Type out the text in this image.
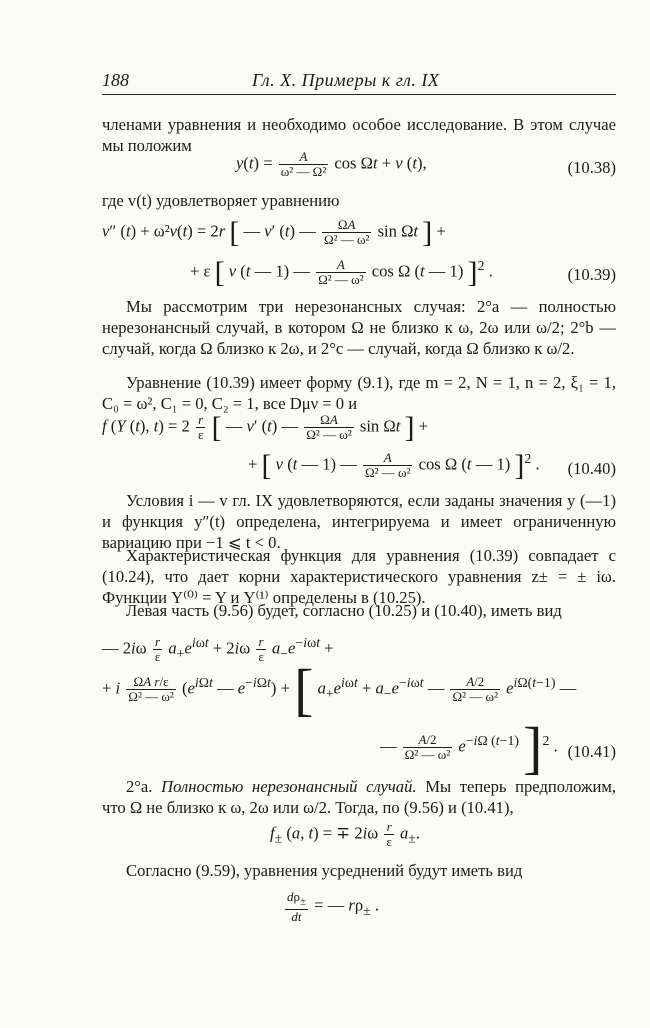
188	Гл. X. Примеры к гл. IX

членами уравнения и необходимо особое исследование. В этом случае мы положим

$y(t) = \frac{A}{\text{ω² — Ω²}}$ cos Ωt + v (t),	(10.38)

где v(t) удовлетворяет уравнению

v″ (t) + ω²v(t) = 2r [ — v′ (t) — $\frac{\Omega A}{\text{Ω² — ω²}}$ sin Ωt ] +
+ ε [ v (t — 1) — $\frac{A}{\text{Ω² — ω²}}$ cos Ω (t — 1) ]$^2$ .	(10.39)

Мы рассмотрим три нерезонансных случая: 2°a — полностью нерезонансный случай, в котором Ω не близко к ω, 2ω или ω/2; 2°b — случай, когда Ω близко к 2ω, и 2°c — случай, когда Ω близко к ω/2.

Уравнение (10.39) имеет форму (9.1), где m = 2, N = 1, n = 2, ξ₁ = 1, C₀ = ω², C₁ = 0, C₂ = 1, все Dμν = 0 и

f (Y (t), $t) = 2 \frac{r}{\varepsilon}$ [ — v′ (t) — $\frac{\Omega A}{\text{Ω² — ω²}}$ sin Ωt ] +
+ [ v (t — 1) — $\frac{A}{\text{Ω² — ω²}}$ cos Ω (t — 1) ]$^2$ . (10.40)

Условия i — v гл. IX удовлетворяются, если заданы значения y (—1) и функция y″(t) определена, интегрируема и имеет ограниченную вариацию при −1 ⩽ t < 0.

Характеристическая функция для уравнения (10.39) совпадает с (10.24), что дает корни характеристического уравнения z± = ± iω. Функции Y⁽⁰⁾ = Y и Y⁽¹⁾ определены в (10.25).

Левая часть (9.56) будет, согласно (10.25) и (10.40), иметь вид

— $2i\omega \frac{r}{\varepsilon} a_+e^{i\omega t} + 2i\omega \frac{r}{\varepsilon} a_-e^{-i\omega t}$ +
+ i $\frac{\text{ΩA r/ε}}{\text{Ω² — ω²}} (e^{i\Omega t}$ — $e^{-i\Omega t}$) + [ $a_+e^{i\omega t} + a_-e^{-i\omega t}$ — $\frac{A/2}{\text{Ω² — ω²}} e^{i\Omega(t-1)}$ —
— $\frac{A/2}{\text{Ω² — ω²}} e^{-i\Omega (t-1)}$ ]$^2$ . (10.41)

2°a. Полностью нерезонансный случай. Мы теперь предположим, что Ω не близко к ω, 2ω или ω/2. Тогда, по (9.56) и (10.41),

$f_\pm$ (a, t) = ∓ $2i\omega \frac{r}{\varepsilon} a_\pm$.

Согласно (9.59), уравнения усреднений будут иметь вид

$\frac{d\rho_\pm}{dt}$ = — $r\rho_\pm$ .
